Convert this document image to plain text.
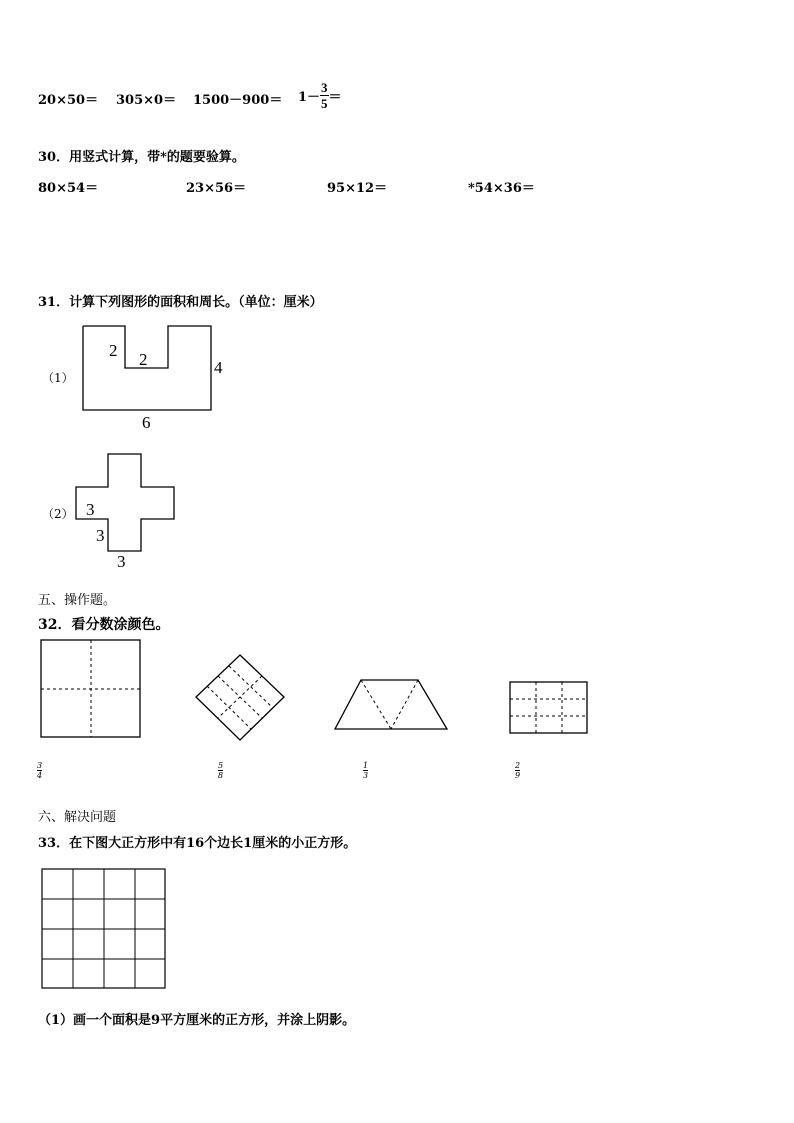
$20\times 50= 305\times 0= 1500-900= 1- \frac{3}{5}$ ＝
30．用竖式计算，带*的题要验算。
80×54＝	23×56＝	95×12＝	*54×36＝
31．计算下列图形的面积和周长。（单位：厘米）
（1）
2 2	4
6
（2） 3
3
3
五、操作题。
32．看分数涂颜色。
$\frac{3}{4}$	$\frac{5}{8}$	$\frac{1}{3}$	$\frac{2}{9}$
六、解决问题
33．在下图大正方形中有16个边长1厘米的小正方形。
（1）画一个面积是9平方厘米的正方形，并涂上阴影。
